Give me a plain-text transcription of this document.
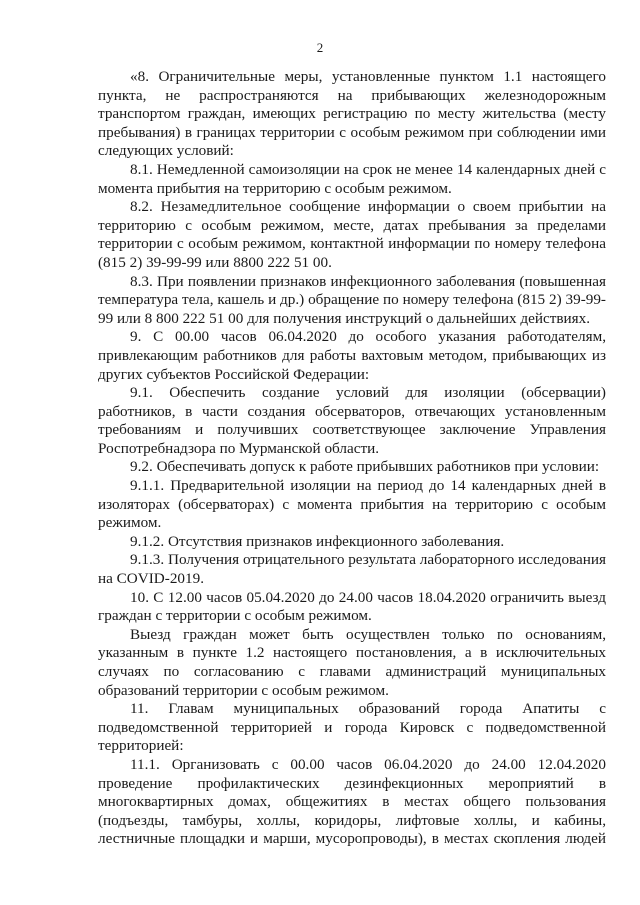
2

«8. Ограничительные меры, установленные пунктом 1.1 настоящего пункта, не распространяются на прибывающих железнодорожным транспортом граждан, имеющих регистрацию по месту жительства (месту пребывания) в границах территории с особым режимом при соблюдении ими следующих условий:

8.1. Немедленной самоизоляции на срок не менее 14 календарных дней с момента прибытия на территорию с особым режимом.

8.2. Незамедлительное сообщение информации о своем прибытии на территорию с особым режимом, месте, датах пребывания за пределами территории с особым режимом, контактной информации по номеру телефона (815 2) 39-99-99 или 8800 222 51 00.

8.3. При появлении признаков инфекционного заболевания (повышенная температура тела, кашель и др.) обращение по номеру телефона (815 2) 39-99-99 или 8 800 222 51 00 для получения инструкций о дальнейших действиях.

9. С 00.00 часов 06.04.2020 до особого указания работодателям, привлекающим работников для работы вахтовым методом, прибывающих из других субъектов Российской Федерации:

9.1. Обеспечить создание условий для изоляции (обсервации) работников, в части создания обсерваторов, отвечающих установленным требованиям и получивших соответствующее заключение Управления Роспотребнадзора по Мурманской области.

9.2. Обеспечивать допуск к работе прибывших работников при условии:

9.1.1. Предварительной изоляции на период до 14 календарных дней в изоляторах (обсерваторах) с момента прибытия на территорию с особым режимом.

9.1.2. Отсутствия признаков инфекционного заболевания.

9.1.3. Получения отрицательного результата лабораторного исследования на COVID-2019.

10. С 12.00 часов 05.04.2020 до 24.00 часов 18.04.2020 ограничить выезд граждан с территории с особым режимом.

Выезд граждан может быть осуществлен только по основаниям, указанным в пункте 1.2 настоящего постановления, а в исключительных случаях по согласованию с главами администраций муниципальных образований территории с особым режимом.

11. Главам муниципальных образований города Апатиты с подведомственной территорией и города Кировск с подведомственной территорией:

11.1. Организовать с 00.00 часов 06.04.2020 до 24.00 12.04.2020 проведение профилактических дезинфекционных мероприятий в многоквартирных домах, общежитиях в местах общего пользования (подъезды, тамбуры, холлы, коридоры, лифтовые холлы, и кабины, лестничные площадки и марши, мусоропроводы), в местах скопления людей
